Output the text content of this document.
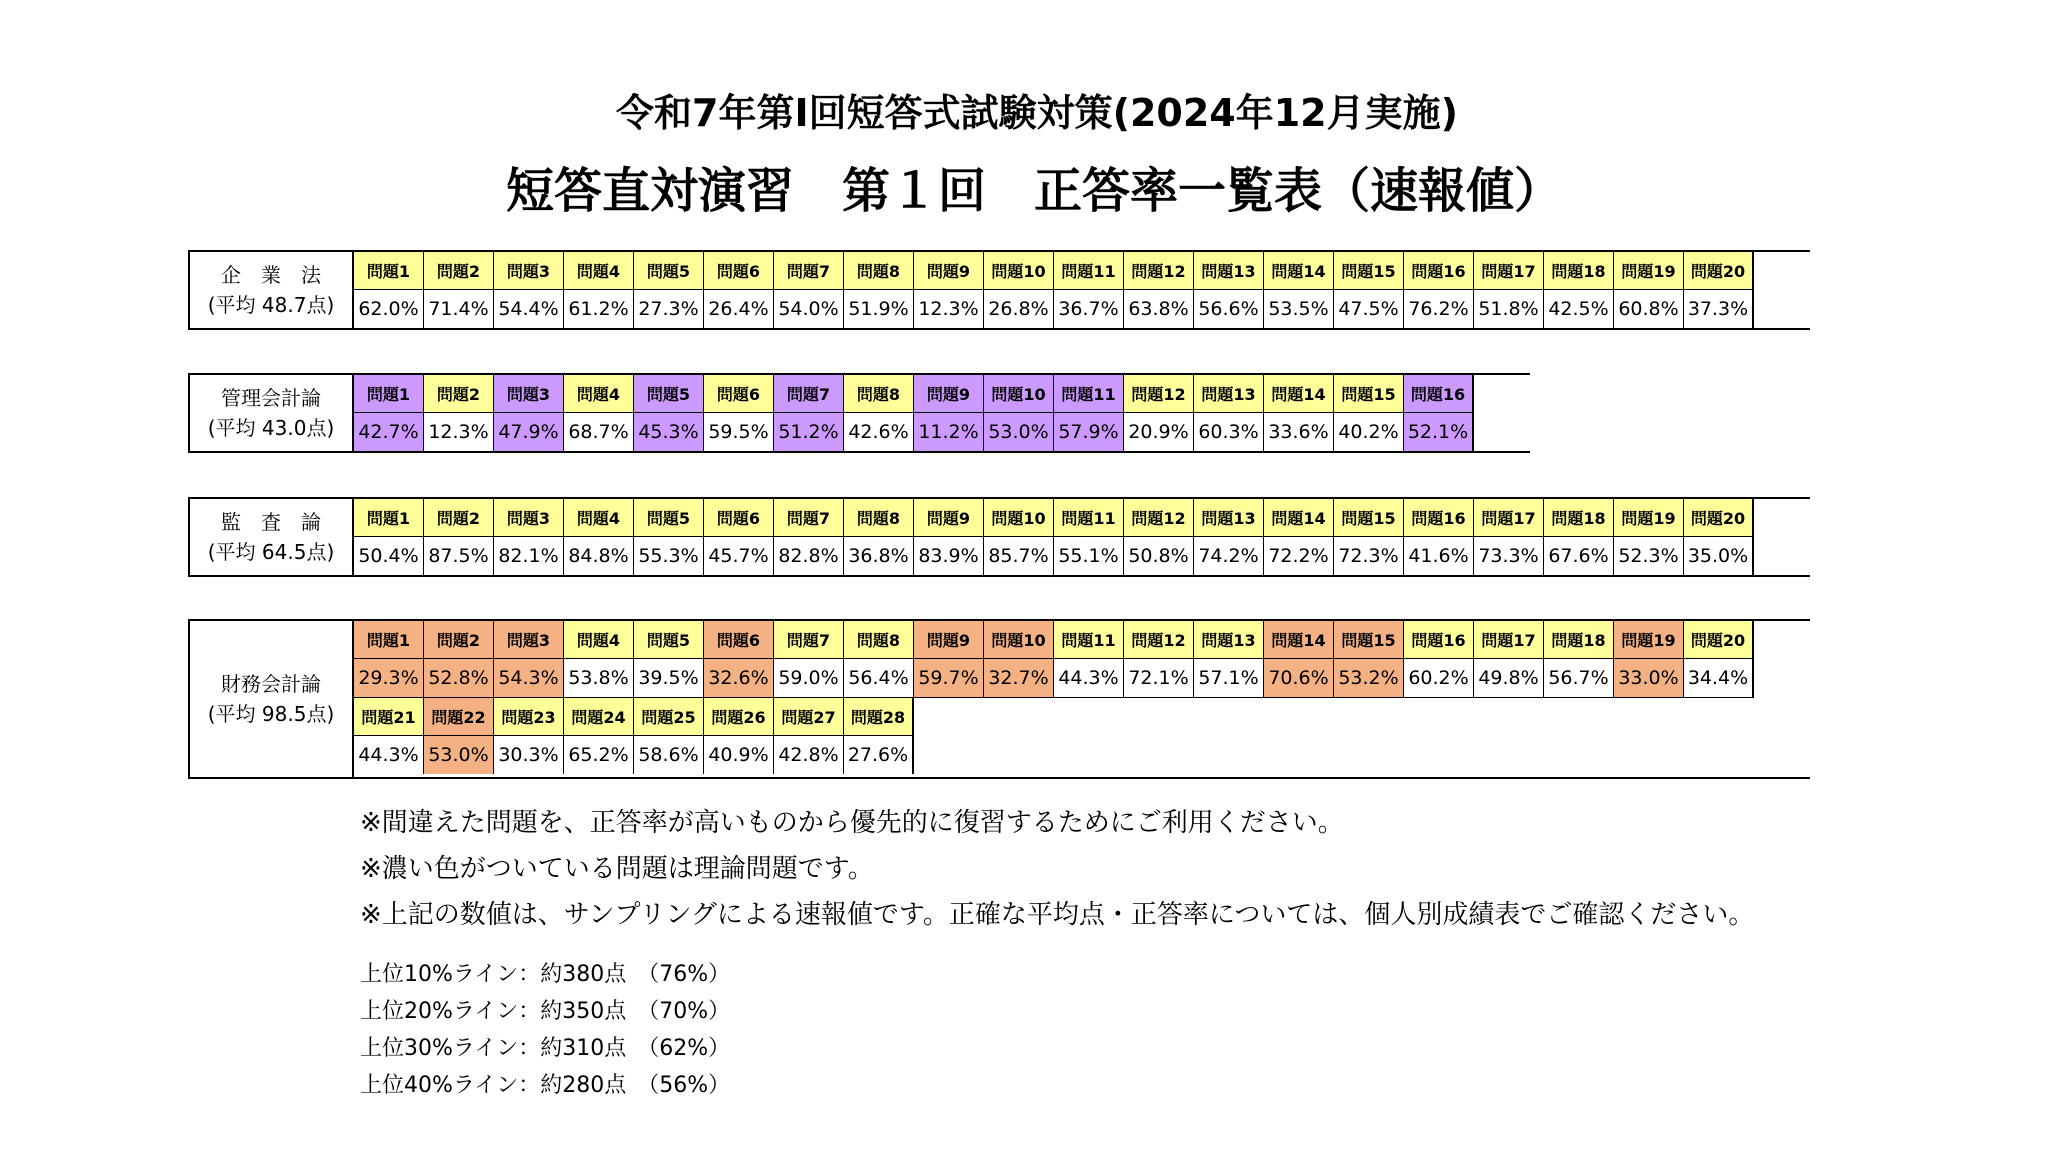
令和7年第Ⅰ回短答式試験対策(2024年12月実施)
短答直対演習　第１回　正答率一覧表（速報値）
企　業　法
(平均 48.7点)
問題1	問題2	問題3	問題4	問題5	問題6	問題7	問題8	問題9	問題10 問題11 問題12 問題13 問題14 問題15 問題16 問題17 問題18 問題19 問題20
62.0% 71.4% 54.4% 61.2% 27.3% 26.4% 54.0% 51.9% 12.3% 26.8% 36.7% 63.8% 56.6% 53.5% 47.5% 76.2% 51.8% 42.5% 60.8% 37.3%
管理会計論
(平均 43.0点)
問題1	問題2	問題3	問題4	問題5	問題6	問題7	問題8	問題9	問題10 問題11 問題12 問題13 問題14 問題15 問題16
42.7% 12.3% 47.9% 68.7% 45.3% 59.5% 51.2% 42.6% 11.2% 53.0% 57.9% 20.9% 60.3% 33.6% 40.2% 52.1%
監　査　論
(平均 64.5点)
問題1	問題2	問題3	問題4	問題5	問題6	問題7	問題8	問題9	問題10 問題11 問題12 問題13 問題14 問題15 問題16 問題17 問題18 問題19 問題20
50.4% 87.5% 82.1% 84.8% 55.3% 45.7% 82.8% 36.8% 83.9% 85.7% 55.1% 50.8% 74.2% 72.2% 72.3% 41.6% 73.3% 67.6% 52.3% 35.0%
財務会計論
(平均 98.5点)
問題1	問題2	問題3	問題4	問題5	問題6	問題7	問題8	問題9	問題10 問題11 問題12 問題13 問題14 問題15 問題16 問題17 問題18 問題19 問題20
29.3% 52.8% 54.3% 53.8% 39.5% 32.6% 59.0% 56.4% 59.7% 32.7% 44.3% 72.1% 57.1% 70.6% 53.2% 60.2% 49.8% 56.7% 33.0% 34.4%
問題21 問題22 問題23 問題24 問題25 問題26 問題27 問題28
44.3% 53.0% 30.3% 65.2% 58.6% 40.9% 42.8% 27.6%
※間違えた問題を、正答率が高いものから優先的に復習するためにご利用ください。
※濃い色がついている問題は理論問題です。
※上記の数値は、サンプリングによる速報値です。正確な平均点・正答率については、個人別成績表でご確認ください。
上位10%ライン：約380点　（76%）
上位20%ライン：約350点　（70%）
上位30%ライン：約310点　（62%）
上位40%ライン：約280点　（56%）
